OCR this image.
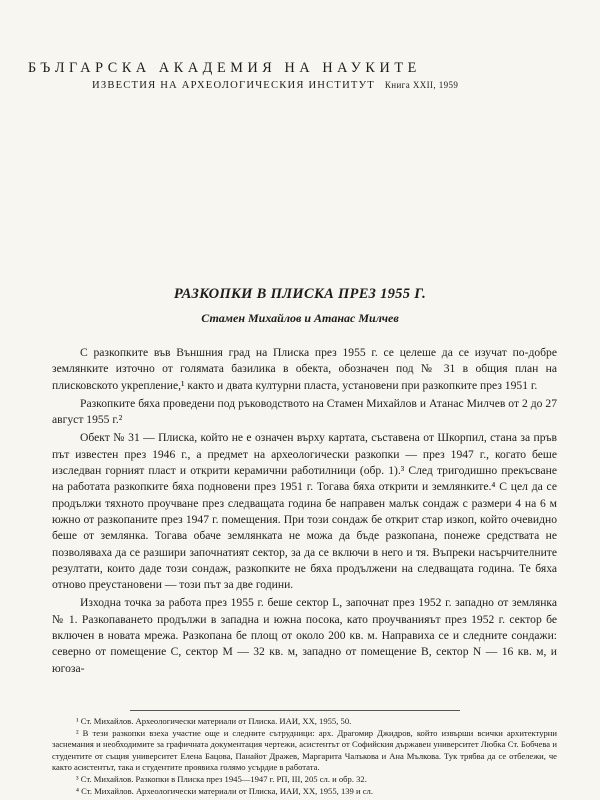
БЪЛГАРСКА АКАДЕМИЯ НА НАУКИТЕ
ИЗВЕСТИЯ НА АРХЕОЛОГИЧЕСКИЯ ИНСТИТУТ Книга XXII, 1959
РАЗКОПКИ В ПЛИСКА ПРЕЗ 1955 Г.
Стамен Михайлов и Атанас Милчев

С разкопките във Външния град на Плиска през 1955 г. се целеше да се изучат по-добре землянките източно от голямата базилика в обекта, обозначен под № 31 в общия план на плисковското укрепление,¹ както и двата културни пласта, установени при разкопките през 1951 г.

Разкопките бяха проведени под ръководството на Стамен Михайлов и Атанас Милчев от 2 до 27 август 1955 г.²

Обект № 31 — Плиска, който не е означен върху картата, съставена от Шкорпил, стана за пръв път известен през 1946 г., а предмет на археологически разкопки — през 1947 г., когато беше изследван горният пласт и открити керамични работилници (обр. 1).³ След тригодишно прекъсване на работата разкопките бяха подновени през 1951 г. Тогава бяха открити и землянките.⁴ С цел да се продължи тяхното проучване през следващата година бе направен малък сондаж с размери 4 на 6 м южно от разкопаните през 1947 г. помещения. При този сондаж бе открит стар изкоп, който очевидно беше от землянка. Тогава обаче землянката не можа да бъде разкопана, понеже средствата не позволяваха да се разшири започнатият сектор, за да се включи в него и тя. Въпреки насърчителните резултати, които даде този сондаж, разкопките не бяха продължени на следващата година. Те бяха отново преустановени — този път за две години.

Изходна точка за работа през 1955 г. беше сектор L, започнат през 1952 г. западно от землянка № 1. Разкопаването продължи в западна и южна посока, като проучванияът през 1952 г. сектор бе включен в новата мрежа. Разкопана бе площ от около 200 кв. м. Направиха се и следните сондажи: северно от помещение С, сектор M — 32 кв. м, западно от помещение В, сектор N — 16 кв. м, и югоза-

¹ Ст. Михайлов. Археологически материали от Плиска. ИАИ, XX, 1955, 50.

² В тези разкопки взеха участие още и следните сътрудници: арх. Драгомир Джидров, който извърши всички архитектурни заснемания и необходимите за графичната документация чертежи, асистентът от Софийския държавен университет Любка Ст. Бобчева и студентите от същия университет Елена Бацова, Панайот Дражев, Маргарита Чалъкова и Ана Мълкова. Тук трябва да се отбележи, че както асистентът, така и студентите проявиха голямо усърдие в работата.

³ Ст. Михайлов. Разкопки в Плиска през 1945—1947 г. РП, III, 205 сл. и обр. 32.

⁴ Ст. Михайлов. Археологически материали от Плиска, ИАИ, XX, 1955, 139 и сл.
